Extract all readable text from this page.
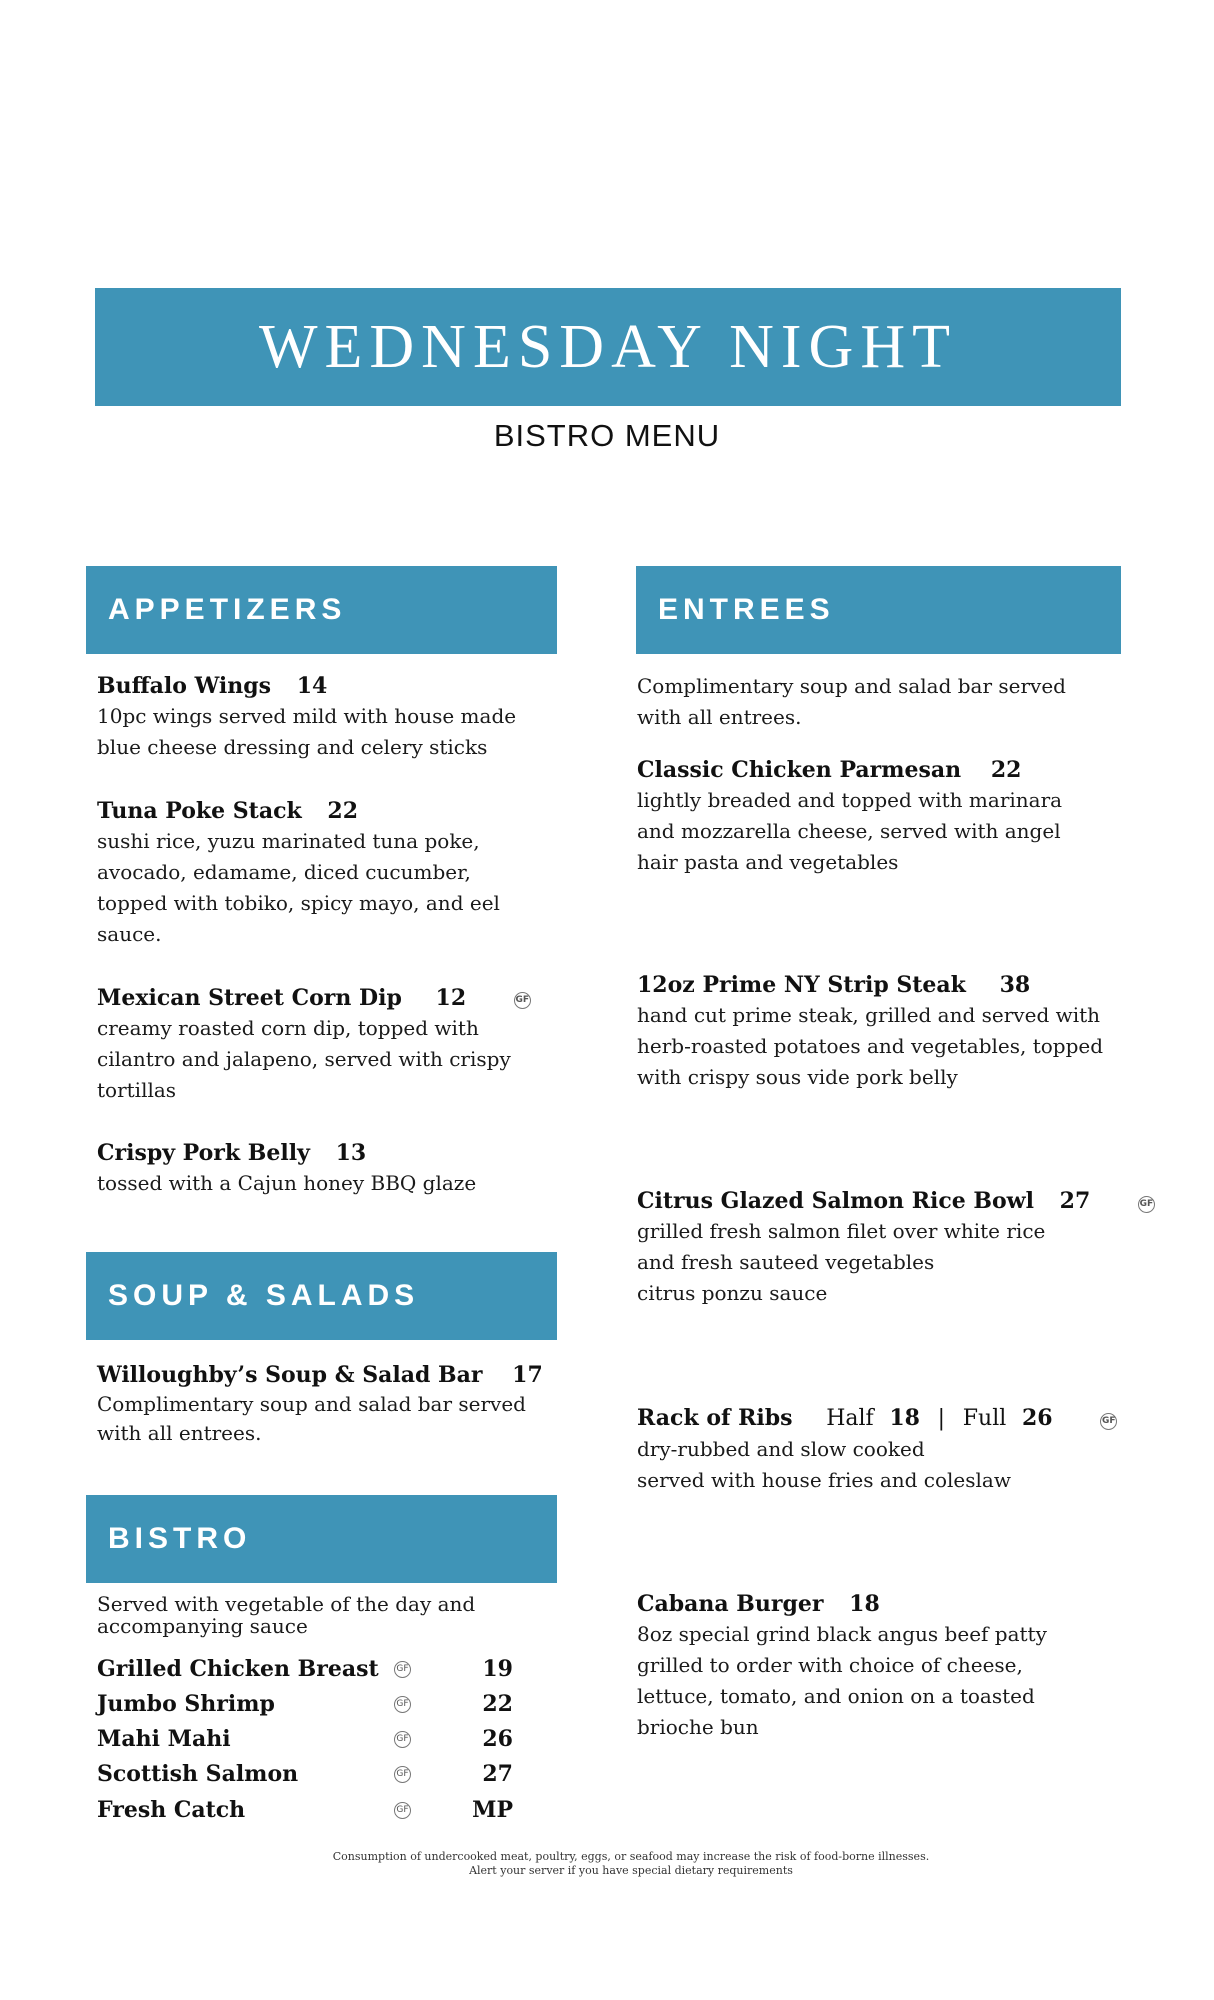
WEDNESDAY NIGHT
BISTRO MENU
APPETIZERS
Buffalo Wings 14
10pc wings served mild with house made blue cheese dressing and celery sticks
Tuna Poke Stack 22
sushi rice, yuzu marinated tuna poke, avocado, edamame, diced cucumber, topped with tobiko, spicy mayo, and eel sauce.
Mexican Street Corn Dip 12	GF
creamy roasted corn dip, topped with cilantro and jalapeno, served with crispy tortillas
Crispy Pork Belly 13
tossed with a Cajun honey BBQ glaze
SOUP & SALADS
Willoughby’s Soup & Salad Bar 17
Complimentary soup and salad bar served with all entrees.
BISTRO
Served with vegetable of the day and accompanying sauce
Grilled Chicken Breast GF	19
Jumbo Shrimp	GF	22
Mahi Mahi	GF	26
Scottish Salmon	GF	27
Fresh Catch	GF	MP
ENTREES
Complimentary soup and salad bar served with all entrees.
Classic Chicken Parmesan 22
lightly breaded and topped with marinara and mozzarella cheese, served with angel hair pasta and vegetables
12oz Prime NY Strip Steak 38
hand cut prime steak, grilled and served with herb-roasted potatoes and vegetables, topped with crispy sous vide pork belly
Citrus Glazed Salmon Rice Bowl 27	GF
grilled fresh salmon filet over white rice
and fresh sauteed vegetables
citrus ponzu sauce
Rack of Ribs Half 18 | Full 26	GF
dry-rubbed and slow cooked
served with house fries and coleslaw
Cabana Burger 18
8oz special grind black angus beef patty grilled to order with choice of cheese, lettuce, tomato, and onion on a toasted brioche bun
Consumption of undercooked meat, poultry, eggs, or seafood may increase the risk of food-borne illnesses.
Alert your server if you have special dietary requirements
